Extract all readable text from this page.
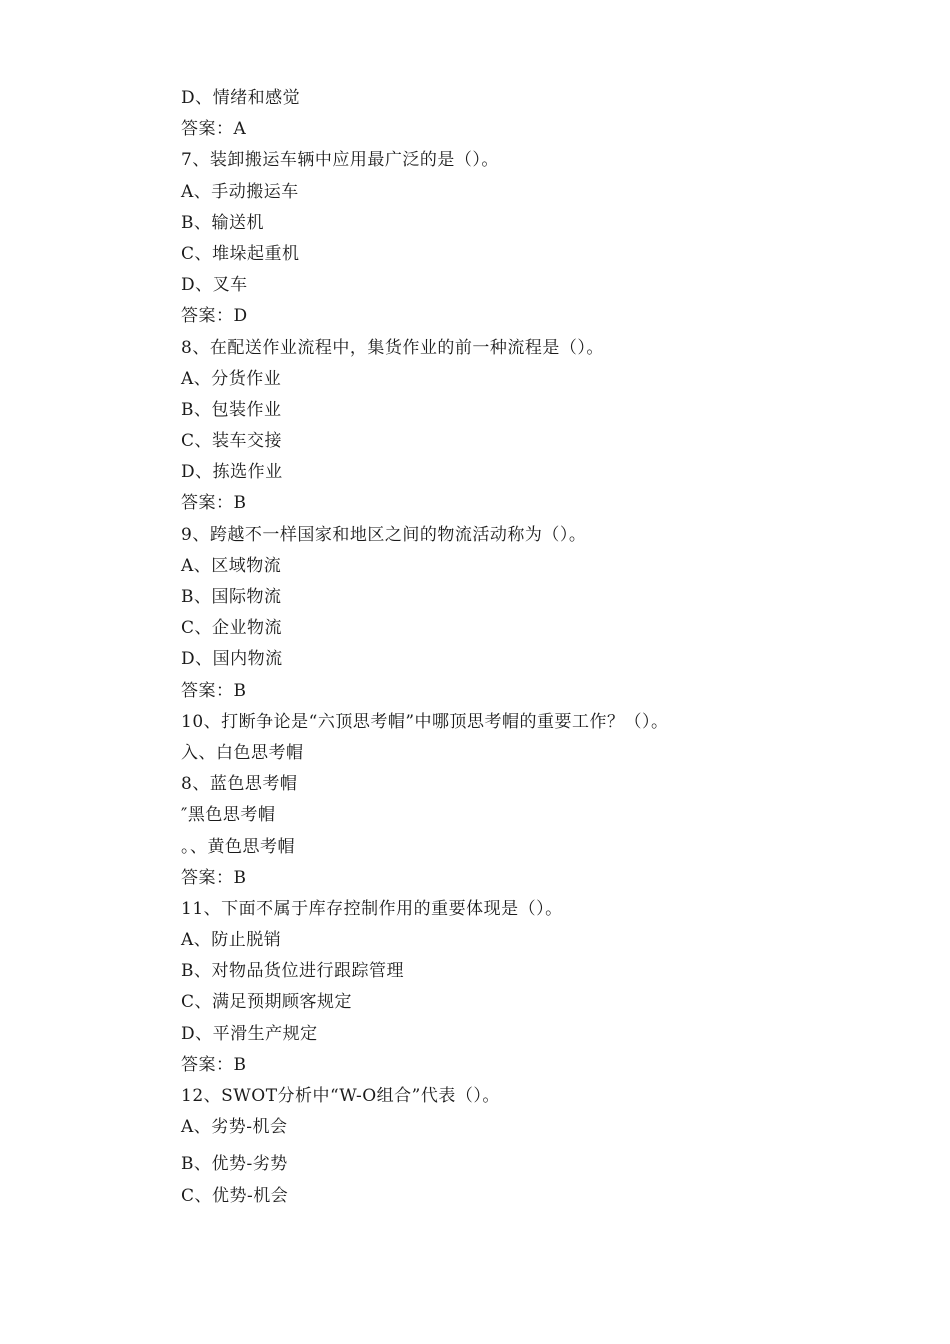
D、情绪和感觉
答案：A
7、装卸搬运车辆中应用最广泛的是（）。
A、手动搬运车
B、输送机
C、堆垛起重机
D、叉车
答案：D
8、在配送作业流程中，集货作业的前一种流程是（）。
A、分货作业
B、包装作业
C、装车交接
D、拣选作业
答案：B
9、跨越不一样国家和地区之间的物流活动称为（）。
A、区域物流
B、国际物流
C、企业物流
D、国内物流
答案：B
10、打断争论是“六顶思考帽”中哪顶思考帽的重要工作？（）。
入、白色思考帽
8、蓝色思考帽
″黑色思考帽
。、黄色思考帽
答案：B
11、下面不属于库存控制作用的重要体现是（）。
A、防止脱销
B、对物品货位进行跟踪管理
C、满足预期顾客规定
D、平滑生产规定
答案：B
12、SWOT分析中“W-O组合”代表（）。
A、劣势-机会
B、优势-劣势
C、优势-机会
